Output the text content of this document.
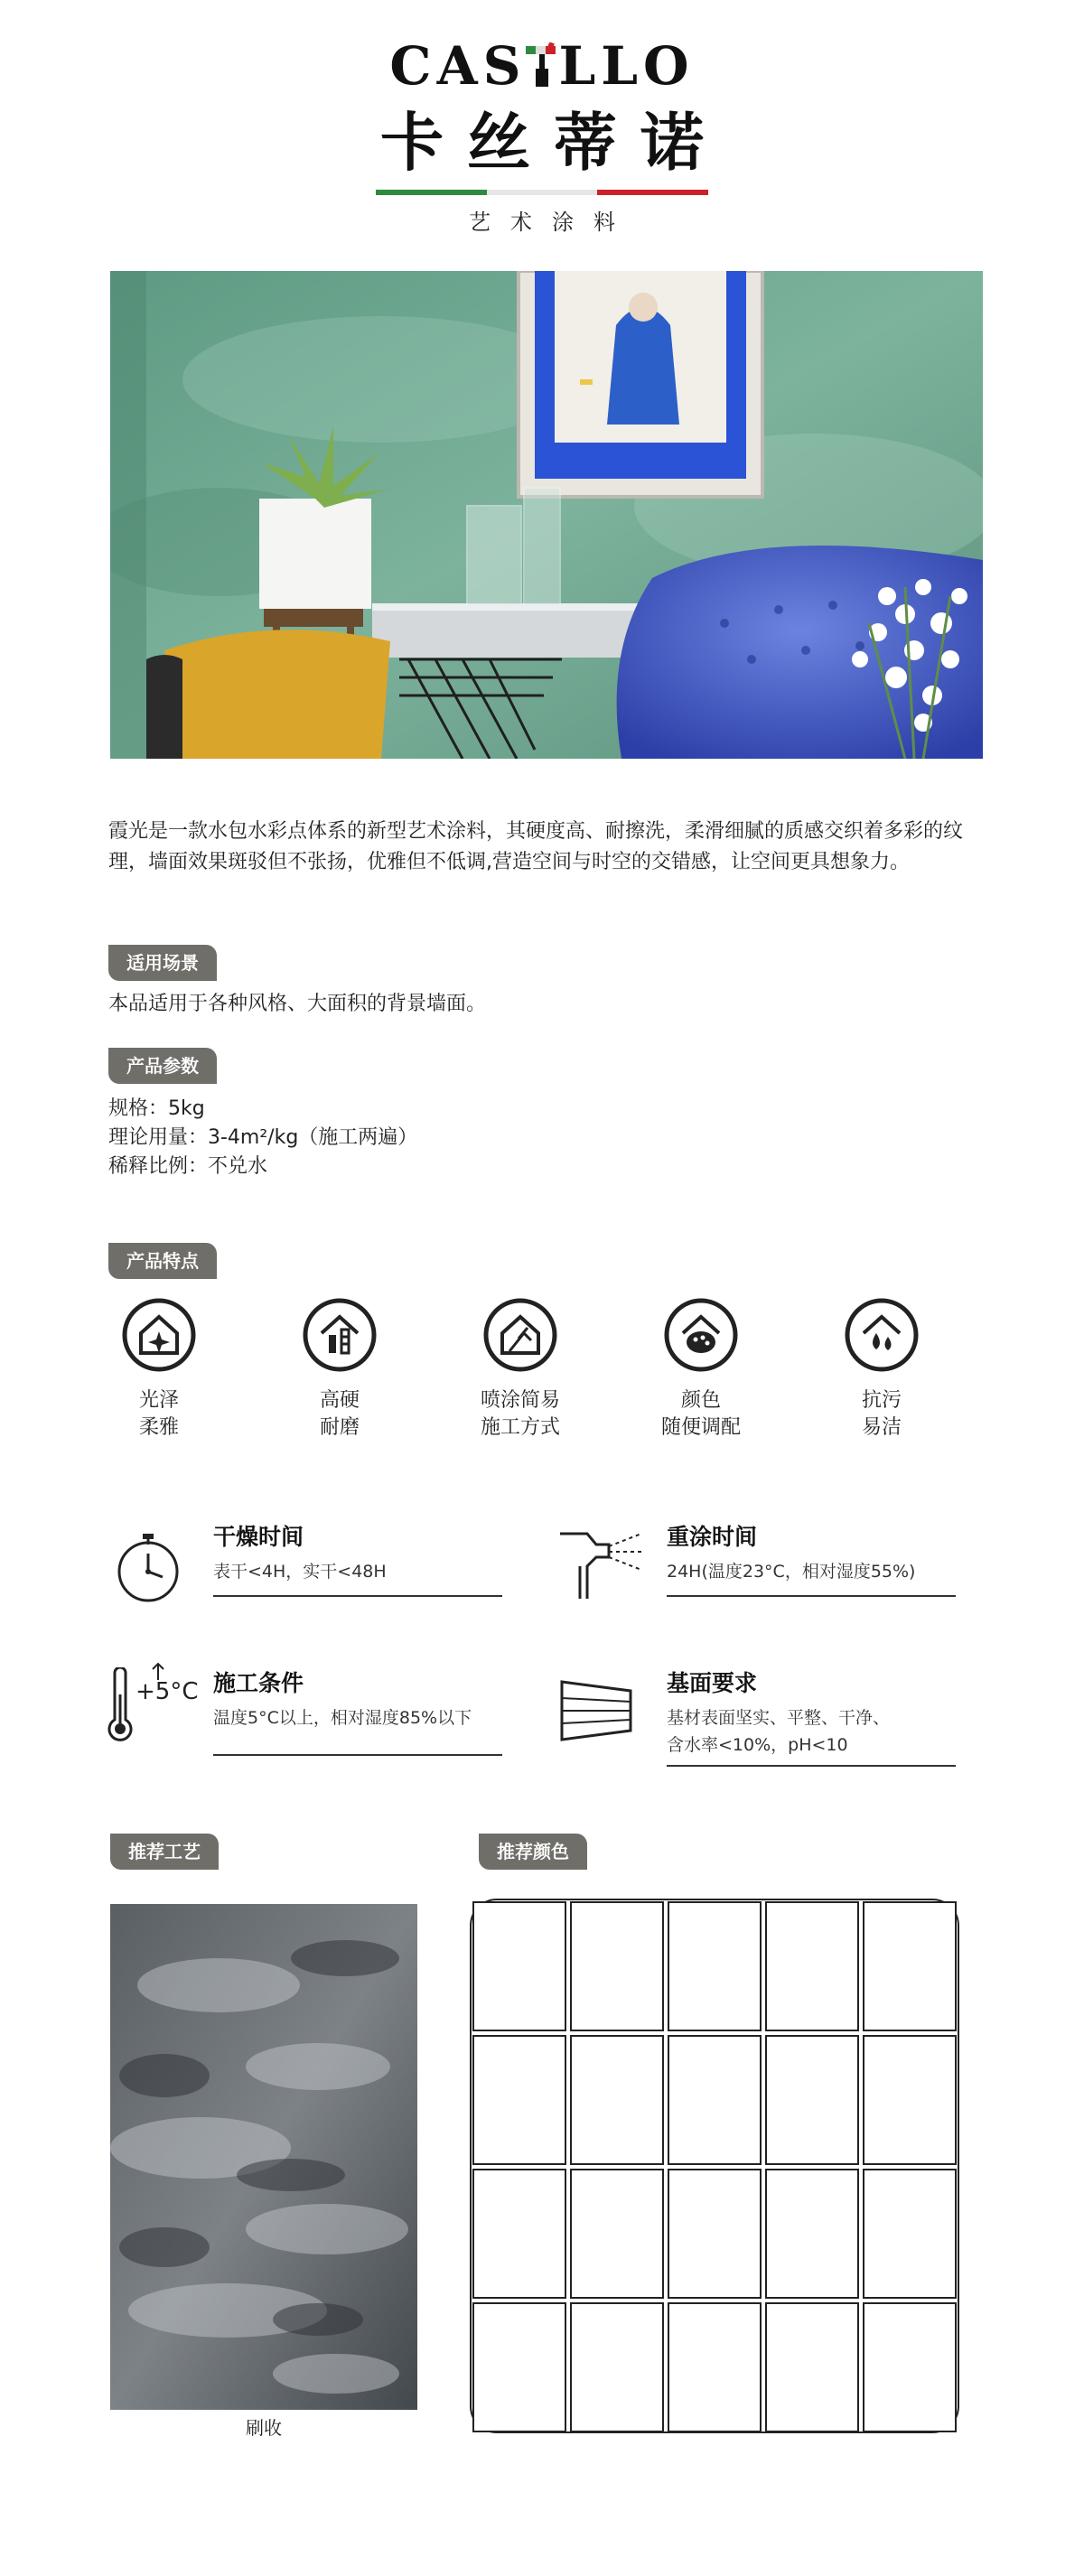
CAS LLO
卡丝蒂诺
艺术涂料
霞光是一款水包水彩点体系的新型艺术涂料，其硬度高、耐擦洗，柔滑细腻的质感交织着多彩的纹理，墙面效果斑驳但不张扬，优雅但不低调,营造空间与时空的交错感，让空间更具想象力。
适用场景
本品适用于各种风格、大面积的背景墙面。
产品参数
规格：5kg
理论用量：3-4m²/kg（施工两遍）
稀释比例：不兑水
产品特点
光泽
柔雅
高硬
耐磨
喷涂简易
施工方式
颜色
随便调配
抗污
易洁
干燥时间
表干<4H，实干<48H
重涂时间
24H(温度23°C，相对湿度55%)
+5°C 施工条件
温度5°C以上，相对湿度85%以下
基面要求
基材表面坚实、平整、干净、
含水率<10%，pH<10
推荐工艺	推荐颜色
刷收
